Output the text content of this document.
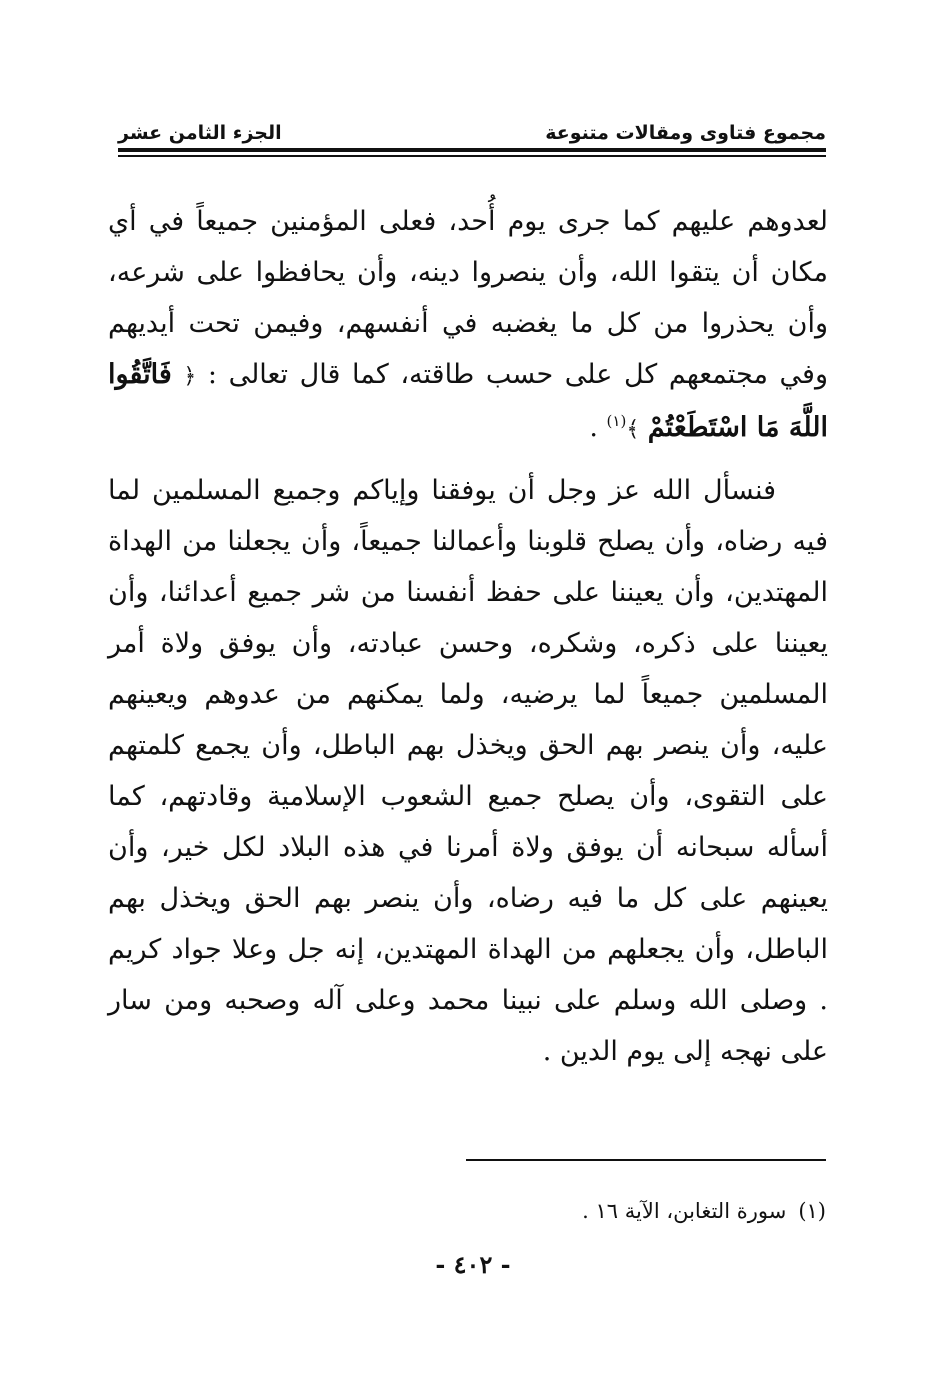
مجموع فتاوى ومقالات متنوعة
الجزء الثامن عشر

لعدوهم عليهم كما جرى يوم أُحد، فعلى المؤمنين جميعاً في أي مكان أن يتقوا الله، وأن ينصروا دينه، وأن يحافظوا على شرعه، وأن يحذروا من كل ما يغضبه في أنفسهم، وفيمن تحت أيديهم وفي مجتمعهم كل على حسب طاقته، كما قال تعالى : ﴿ فَاتَّقُوا اللَّهَ مَا اسْتَطَعْتُمْ ﴾$^{(١)}$ .

فنسأل الله عز وجل أن يوفقنا وإياكم وجميع المسلمين لما فيه رضاه، وأن يصلح قلوبنا وأعمالنا جميعاً، وأن يجعلنا من الهداة المهتدين، وأن يعيننا على حفظ أنفسنا من شر جميع أعدائنا، وأن يعيننا على ذكره، وشكره، وحسن عبادته، وأن يوفق ولاة أمر المسلمين جميعاً لما يرضيه، ولما يمكنهم من عدوهم ويعينهم عليه، وأن ينصر بهم الحق ويخذل بهم الباطل، وأن يجمع كلمتهم على التقوى، وأن يصلح جميع الشعوب الإسلامية وقادتهم، كما أسأله سبحانه أن يوفق ولاة أمرنا في هذه البلاد لكل خير، وأن يعينهم على كل ما فيه رضاه، وأن ينصر بهم الحق ويخذل بهم الباطل، وأن يجعلهم من الهداة المهتدين، إنه جل وعلا جواد كريم . وصلى الله وسلم على نبينا محمد وعلى آله وصحبه ومن سار على نهجه إلى يوم الدين .

(١)سورة التغابن، الآية ١٦ .
- ٤٠٢ -
